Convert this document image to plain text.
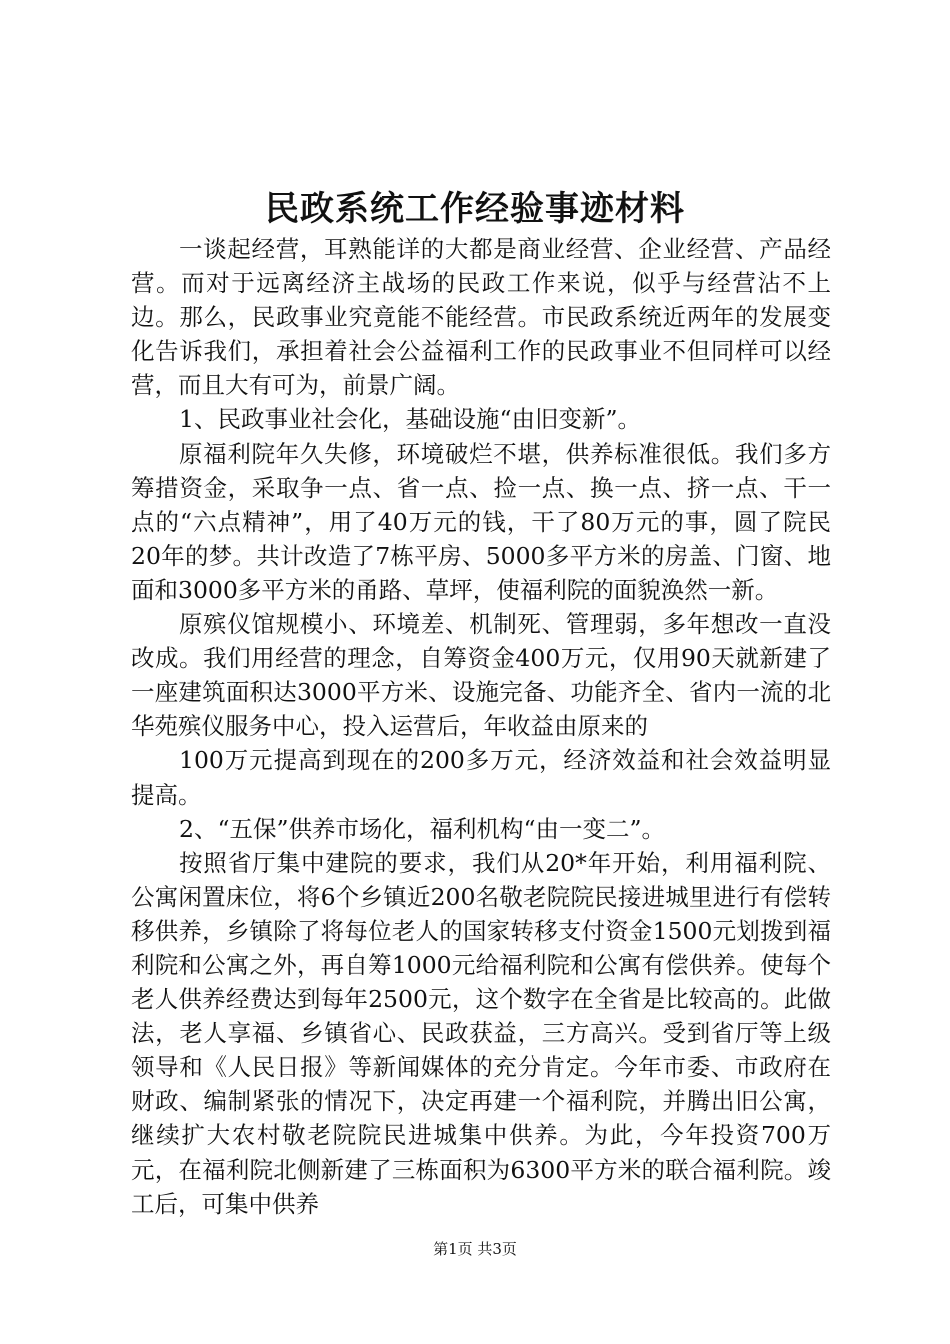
民政系统工作经验事迹材料

一谈起经营，耳熟能详的大都是商业经营、企业经营、产品经营。而对于远离经济主战场的民政工作来说，似乎与经营沾不上边。那么，民政事业究竟能不能经营。市民政系统近两年的发展变化告诉我们，承担着社会公益福利工作的民政事业不但同样可以经营，而且大有可为，前景广阔。

1、民政事业社会化，基础设施“由旧变新”。

原福利院年久失修，环境破烂不堪，供养标准很低。我们多方筹措资金，采取争一点、省一点、捡一点、换一点、挤一点、干一点的“六点精神”，用了40万元的钱，干了80万元的事，圆了院民20年的梦。共计改造了7栋平房、5000多平方米的房盖、门窗、地面和3000多平方米的甬路、草坪，使福利院的面貌涣然一新。

原殡仪馆规模小、环境差、机制死、管理弱，多年想改一直没改成。我们用经营的理念，自筹资金400万元，仅用90天就新建了一座建筑面积达3000平方米、设施完备、功能齐全、省内一流的北华苑殡仪服务中心，投入运营后，年收益由原来的

100万元提高到现在的200多万元，经济效益和社会效益明显提高。

2、“五保”供养市场化，福利机构“由一变二”。

按照省厅集中建院的要求，我们从20*年开始，利用福利院、公寓闲置床位，将6个乡镇近200名敬老院院民接进城里进行有偿转移供养，乡镇除了将每位老人的国家转移支付资金1500元划拨到福利院和公寓之外，再自筹1000元给福利院和公寓有偿供养。使每个老人供养经费达到每年2500元，这个数字在全省是比较高的。此做法，老人享福、乡镇省心、民政获益，三方高兴。受到省厅等上级领导和《人民日报》等新闻媒体的充分肯定。今年市委、市政府在财政、编制紧张的情况下，决定再建一个福利院，并腾出旧公寓，继续扩大农村敬老院院民进城集中供养。为此，今年投资700万元，在福利院北侧新建了三栋面积为6300平方米的联合福利院。竣工后，可集中供养

第1页 共3页
